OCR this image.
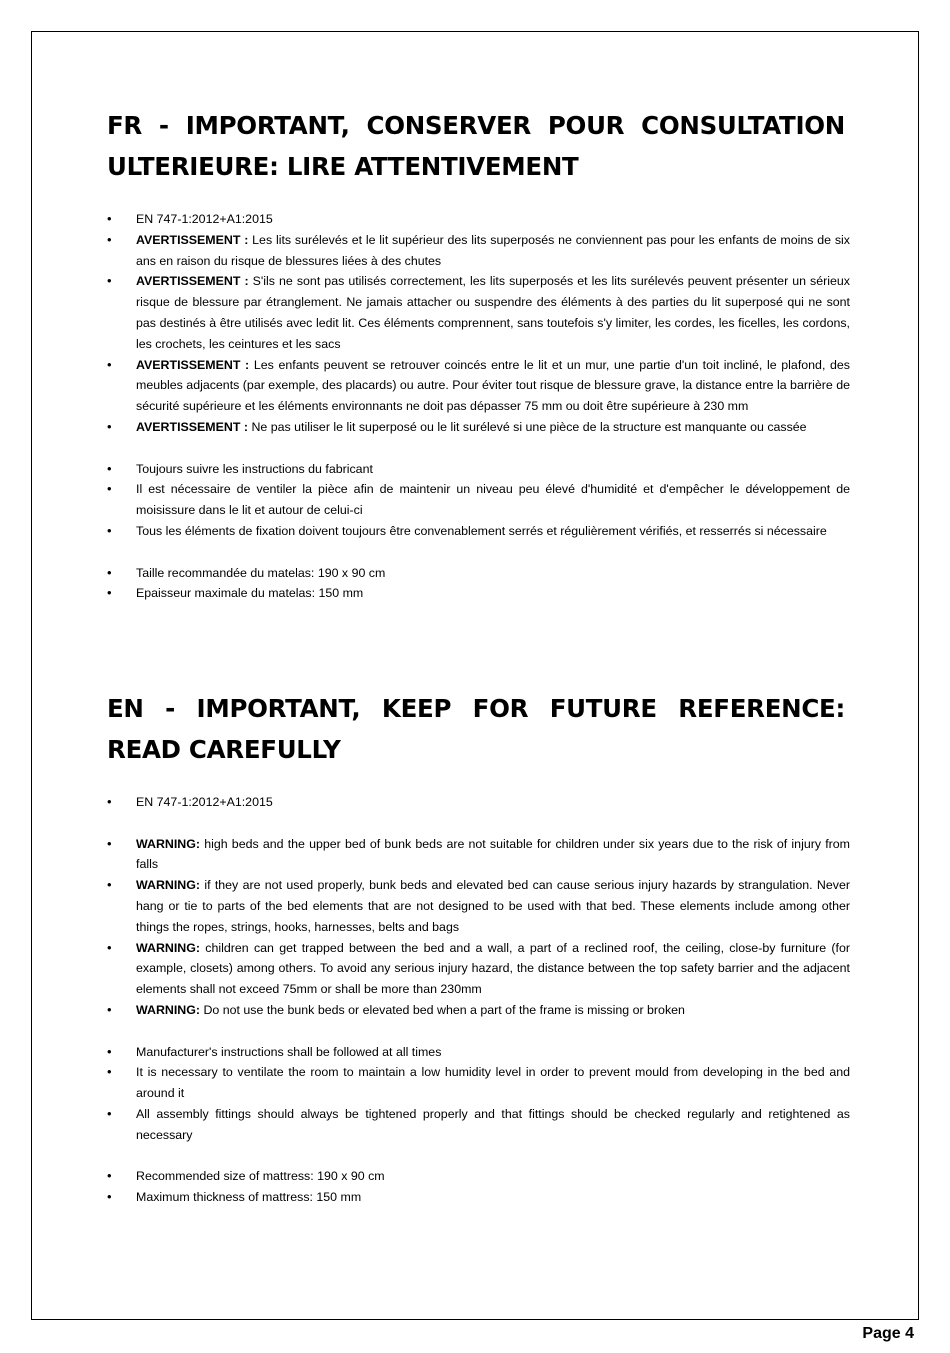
FR - IMPORTANT, CONSERVER POUR CONSULTATION ULTERIEURE: LIRE ATTENTIVEMENT
• EN 747-1:2012+A1:2015
• AVERTISSEMENT : Les lits surélevés et le lit supérieur des lits superposés ne conviennent pas pour les enfants de moins de six ans en raison du risque de blessures liées à des chutes
• AVERTISSEMENT : S'ils ne sont pas utilisés correctement, les lits superposés et les lits surélevés peuvent présenter un sérieux risque de blessure par étranglement. Ne jamais attacher ou suspendre des éléments à des parties du lit superposé qui ne sont pas destinés à être utilisés avec ledit lit. Ces éléments comprennent, sans toutefois s'y limiter, les cordes, les ficelles, les cordons, les crochets, les ceintures et les sacs
• AVERTISSEMENT : Les enfants peuvent se retrouver coincés entre le lit et un mur, une partie d'un toit incliné, le plafond, des meubles adjacents (par exemple, des placards) ou autre. Pour éviter tout risque de blessure grave, la distance entre la barrière de sécurité supérieure et les éléments environnants ne doit pas dépasser 75 mm ou doit être supérieure à 230 mm
• AVERTISSEMENT : Ne pas utiliser le lit superposé ou le lit surélevé si une pièce de la structure est manquante ou cassée
• Toujours suivre les instructions du fabricant
• Il est nécessaire de ventiler la pièce afin de maintenir un niveau peu élevé d'humidité et d'empêcher le développement de moisissure dans le lit et autour de celui-ci
• Tous les éléments de fixation doivent toujours être convenablement serrés et régulièrement vérifiés, et resserrés si nécessaire
• Taille recommandée du matelas: 190 x 90 cm
• Epaisseur maximale du matelas: 150 mm
EN - IMPORTANT, KEEP FOR FUTURE REFERENCE: READ CAREFULLY
• EN 747-1:2012+A1:2015
• WARNING: high beds and the upper bed of bunk beds are not suitable for children under six years due to the risk of injury from falls
• WARNING: if they are not used properly, bunk beds and elevated bed can cause serious injury hazards by strangulation. Never hang or tie to parts of the bed elements that are not designed to be used with that bed. These elements include among other things the ropes, strings, hooks, harnesses, belts and bags
• WARNING: children can get trapped between the bed and a wall, a part of a reclined roof, the ceiling, close-by furniture (for example, closets) among others. To avoid any serious injury hazard, the distance between the top safety barrier and the adjacent elements shall not exceed 75mm or shall be more than 230mm
• WARNING: Do not use the bunk beds or elevated bed when a part of the frame is missing or broken
• Manufacturer's instructions shall be followed at all times
• It is necessary to ventilate the room to maintain a low humidity level in order to prevent mould from developing in the bed and around it
• All assembly fittings should always be tightened properly and that fittings should be checked regularly and retightened as necessary
• Recommended size of mattress: 190 x 90 cm
• Maximum thickness of mattress: 150 mm
Page 4
